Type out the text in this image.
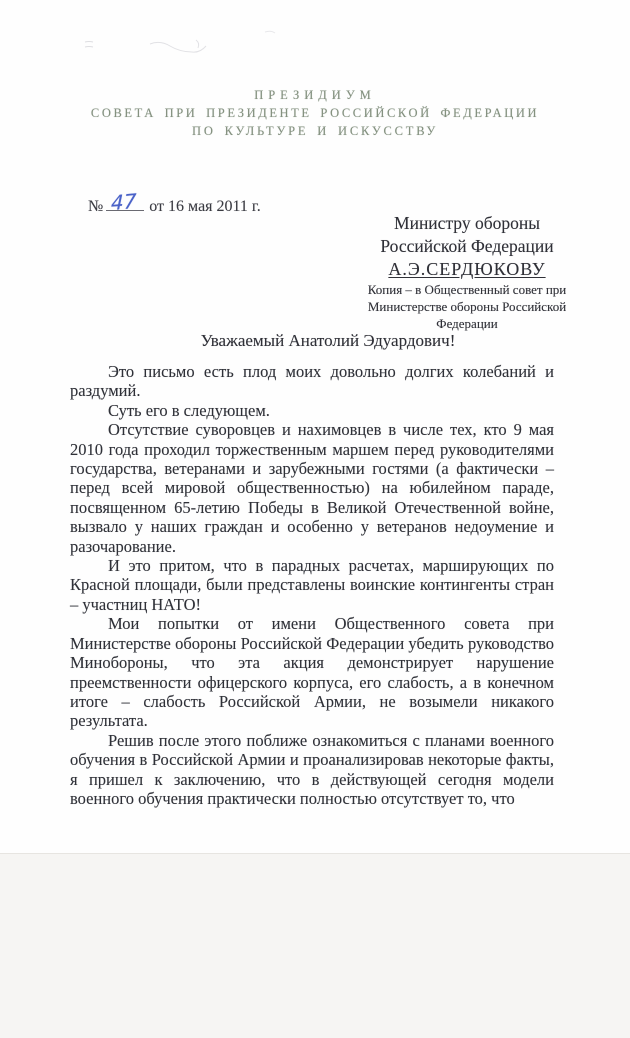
ПРЕЗИДИУМ
СОВЕТА ПРИ ПРЕЗИДЕНТЕ РОССИЙСКОЙ ФЕДЕРАЦИИ
ПО КУЛЬТУРЕ И ИСКУССТВУ
№ 47 от 16 мая 2011 г.
Министру обороны
Российской Федерации
А.Э.СЕРДЮКОВУ
Копия – в Общественный совет при
Министерстве обороны Российской
Федерации
Уважаемый Анатолий Эдуардович!

Это письмо есть плод моих довольно долгих колебаний и раздумий.

Суть его в следующем.

Отсутствие суворовцев и нахимовцев в числе тех, кто 9 мая 2010 года проходил торжественным маршем перед руководителями государства, ветеранами и зарубежными гостями (а фактически – перед всей мировой общественностью) на юбилейном параде, посвященном 65-летию Победы в Великой Отечественной войне, вызвало у наших граждан и особенно у ветеранов недоумение и разочарование.

И это притом, что в парадных расчетах, марширующих по Красной площади, были представлены воинские контингенты стран – участниц НАТО!

Мои попытки от имени Общественного совета при Министерстве обороны Российской Федерации убедить руководство Минобороны, что эта акция демонстрирует нарушение преемственности офицерского корпуса, его слабость, а в конечном итоге – слабость Российской Армии, не возымели никакого результата.

Решив после этого поближе ознакомиться с планами военного обучения в Российской Армии и проанализировав некоторые факты, я пришел к заключению, что в действующей сегодня модели военного обучения практически полностью отсутствует то, что
